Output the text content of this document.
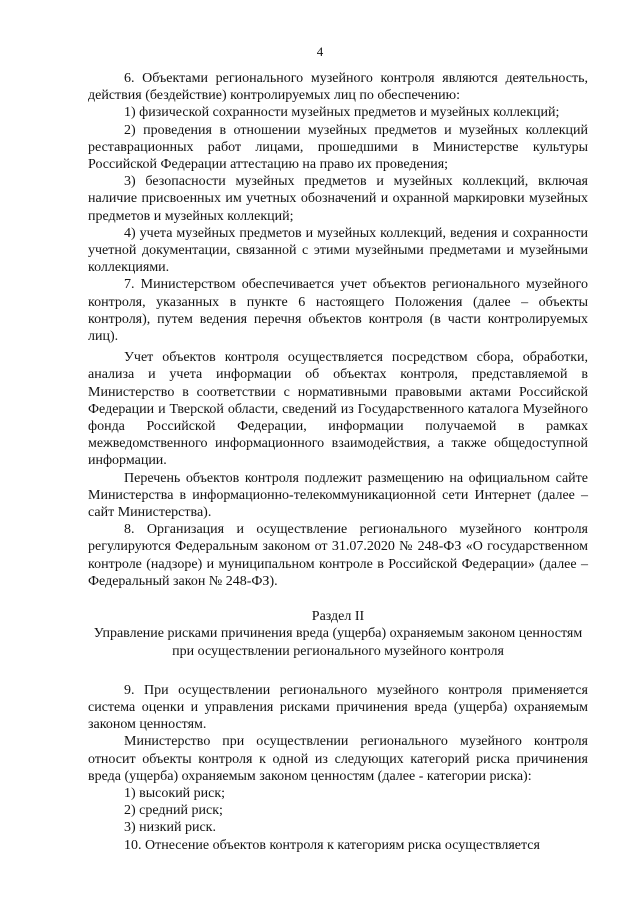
4

6. Объектами регионального музейного контроля являются деятельность, действия (бездействие) контролируемых лиц по обеспечению:

1) физической сохранности музейных предметов и музейных коллекций;

2) проведения в отношении музейных предметов и музейных коллекций реставрационных работ лицами, прошедшими в Министерстве культуры Российской Федерации аттестацию на право их проведения;

3) безопасности музейных предметов и музейных коллекций, включая наличие присвоенных им учетных обозначений и охранной маркировки музейных предметов и музейных коллекций;

4) учета музейных предметов и музейных коллекций, ведения и сохранности учетной документации, связанной с этими музейными предметами и музейными коллекциями.

7. Министерством обеспечивается учет объектов регионального музейного контроля, указанных в пункте 6 настоящего Положения (далее – объекты контроля), путем ведения перечня объектов контроля (в части контролируемых лиц).

Учет объектов контроля осуществляется посредством сбора, обработки, анализа и учета информации об объектах контроля, представляемой в Министерство в соответствии с нормативными правовыми актами Российской Федерации и Тверской области, сведений из Государственного каталога Музейного фонда Российской Федерации, информации получаемой в рамках межведомственного информационного взаимодействия, а также общедоступной информации.

Перечень объектов контроля подлежит размещению на официальном сайте Министерства в информационно-телекоммуникационной сети Интернет (далее – сайт Министерства).

8. Организация и осуществление регионального музейного контроля регулируются Федеральным законом от 31.07.2020 № 248-ФЗ «О государственном контроле (надзоре) и муниципальном контроле в Российской Федерации» (далее – Федеральный закон № 248-ФЗ).

Раздел II

Управление рисками причинения вреда (ущерба) охраняемым законом ценностям при осуществлении регионального музейного контроля

9. При осуществлении регионального музейного контроля применяется система оценки и управления рисками причинения вреда (ущерба) охраняемым законом ценностям.

Министерство при осуществлении регионального музейного контроля относит объекты контроля к одной из следующих категорий риска причинения вреда (ущерба) охраняемым законом ценностям (далее - категории риска):

1) высокий риск;

2) средний риск;

3) низкий риск.

10. Отнесение объектов контроля к категориям риска осуществляется
